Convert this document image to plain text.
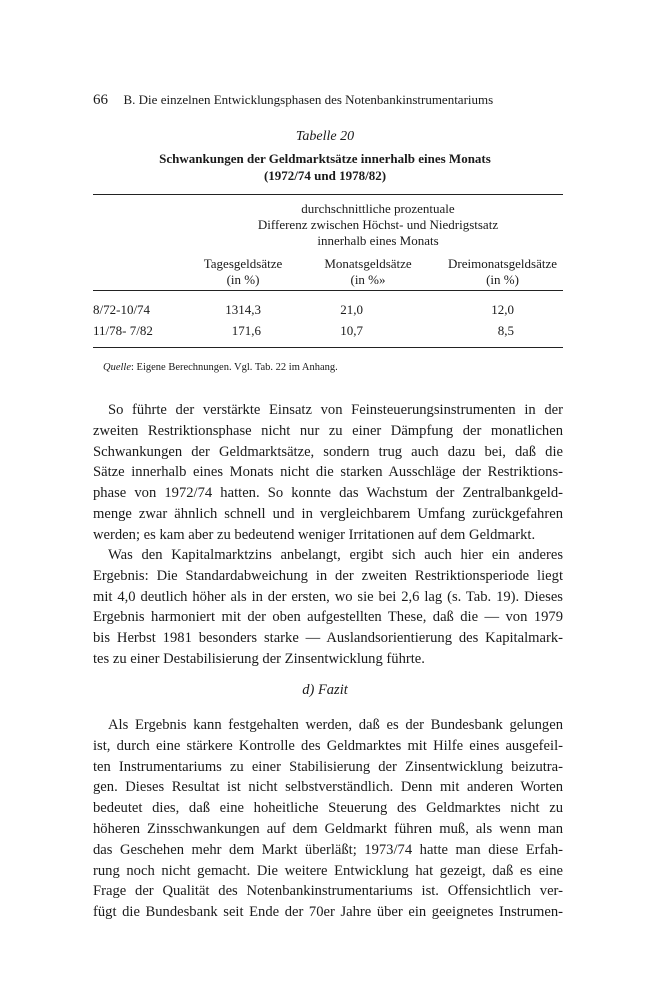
66 B. Die einzelnen Entwicklungsphasen des Notenbankinstrumentariums
Tabelle 20
Schwankungen der Geldmarktsätze innerhalb eines Monats
(1972/74 und 1978/82)
durchschnittliche prozentuale
Differenz zwischen Höchst- und Niedrigstsatz
innerhalb eines Monats
Tagesgeldsätze
(in %)
Monatsgeldsätze
(in %»
Dreimonatsgeldsätze
(in %)
8/72-10/74	1314,3	21,0	12,0
11/78- 7/82	171,6	10,7	8,5
Quelle: Eigene Berechnungen. Vgl. Tab. 22 im Anhang.
So führte der verstärkte Einsatz von Feinsteuerungsinstrumenten in der
zweiten Restriktionsphase nicht nur zu einer Dämpfung der monatlichen
Schwankungen der Geldmarktsätze, sondern trug auch dazu bei, daß die
Sätze innerhalb eines Monats nicht die starken Ausschläge der Restriktions-
phase von 1972/74 hatten. So konnte das Wachstum der Zentralbankgeld-
menge zwar ähnlich schnell und in vergleichbarem Umfang zurückgefahren
werden; es kam aber zu bedeutend weniger Irritationen auf dem Geldmarkt.
Was den Kapitalmarktzins anbelangt, ergibt sich auch hier ein anderes
Ergebnis: Die Standardabweichung in der zweiten Restriktionsperiode liegt
mit 4,0 deutlich höher als in der ersten, wo sie bei 2,6 lag (s. Tab. 19). Dieses
Ergebnis harmoniert mit der oben aufgestellten These, daß die — von 1979
bis Herbst 1981 besonders starke — Auslandsorientierung des Kapitalmark-
tes zu einer Destabilisierung der Zinsentwicklung führte.
d) Fazit
Als Ergebnis kann festgehalten werden, daß es der Bundesbank gelungen
ist, durch eine stärkere Kontrolle des Geldmarktes mit Hilfe eines ausgefeil-
ten Instrumentariums zu einer Stabilisierung der Zinsentwicklung beizutra-
gen. Dieses Resultat ist nicht selbstverständlich. Denn mit anderen Worten
bedeutet dies, daß eine hoheitliche Steuerung des Geldmarktes nicht zu
höheren Zinsschwankungen auf dem Geldmarkt führen muß, als wenn man
das Geschehen mehr dem Markt überläßt; 1973/74 hatte man diese Erfah-
rung noch nicht gemacht. Die weitere Entwicklung hat gezeigt, daß es eine
Frage der Qualität des Notenbankinstrumentariums ist. Offensichtlich ver-
fügt die Bundesbank seit Ende der 70er Jahre über ein geeignetes Instrumen-
